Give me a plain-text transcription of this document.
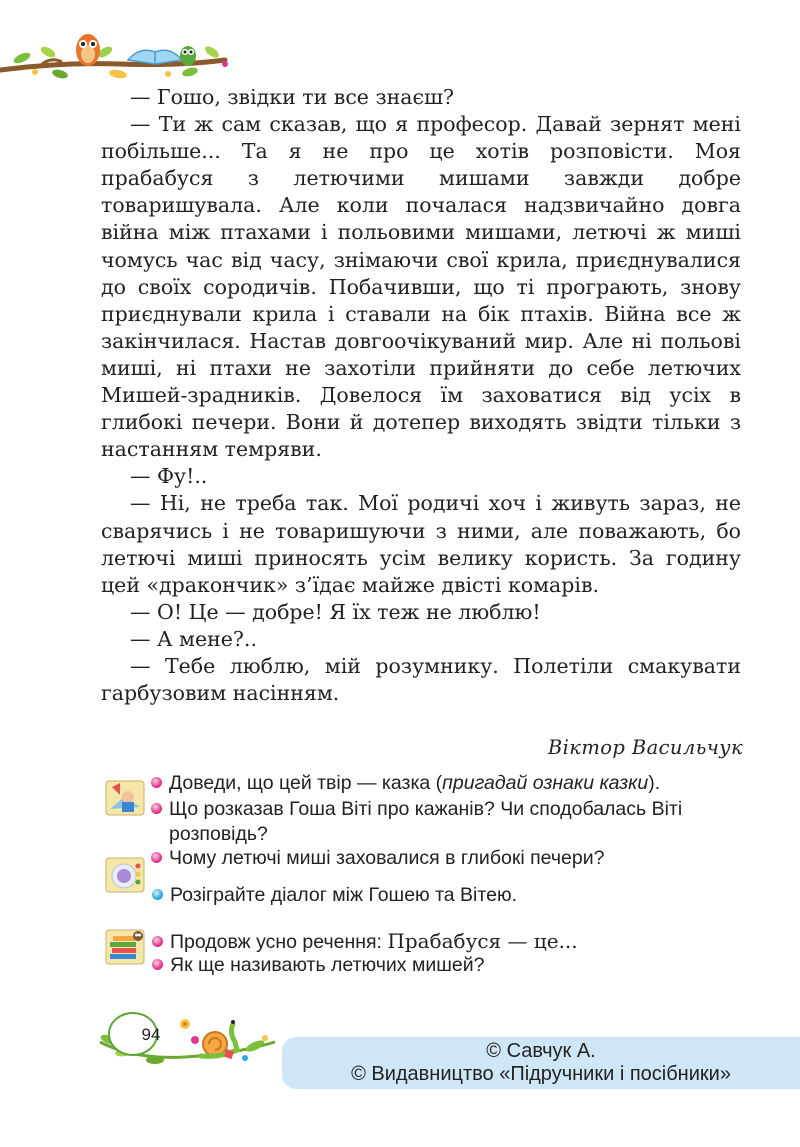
— Гошо, звідки ти все знаєш?

— Ти ж сам сказав, що я професор. Давай зернят мені побільше... Та я не про це хотів розповісти. Моя прабабуся з летючими мишами завжди добре товаришувала. Але коли почалася надзвичайно довга війна між птахами і польовими мишами, летючі ж миші чомусь час від часу, знімаючи свої крила, приєднувалися до своїх сородичів. Побачивши, що ті програють, знову приєднували крила і ставали на бік птахів. Війна все ж закінчилася. Настав довгоочікуваний мир. Але ні польові миші, ні птахи не захотіли прийняти до себе летючих Мишей-зрадників. Довелося їм заховатися від усіх в глибокі печери. Вони й дотепер виходять звідти тільки з настанням темряви.

— Фу!..

— Ні, не треба так. Мої родичі хоч і живуть зараз, не сварячись і не товаришуючи з ними, але поважають, бо летючі миші приносять усім велику користь. За годину цей «дракончик» з’їдає майже двісті комарів.

— О! Це — добре! Я їх теж не люблю!

— А мене?..

— Тебе люблю, мій розумнику. Полетіли смакувати гарбузовим насінням.

Віктор Васильчук
Доведи, що цей твір — казка (пригадай ознаки казки).
Що розказав Гоша Віті про кажанів? Чи сподобалась Віті
розповідь?
Чому летючі миші заховалися в глибокі печери?
Розіграйте діалог між Гошею та Вітею.
Продовж усно речення: Прабабуся — це...
Як ще називають летючих мишей?
94
© Савчук А.
© Видавництво «Підручники і посібники»
